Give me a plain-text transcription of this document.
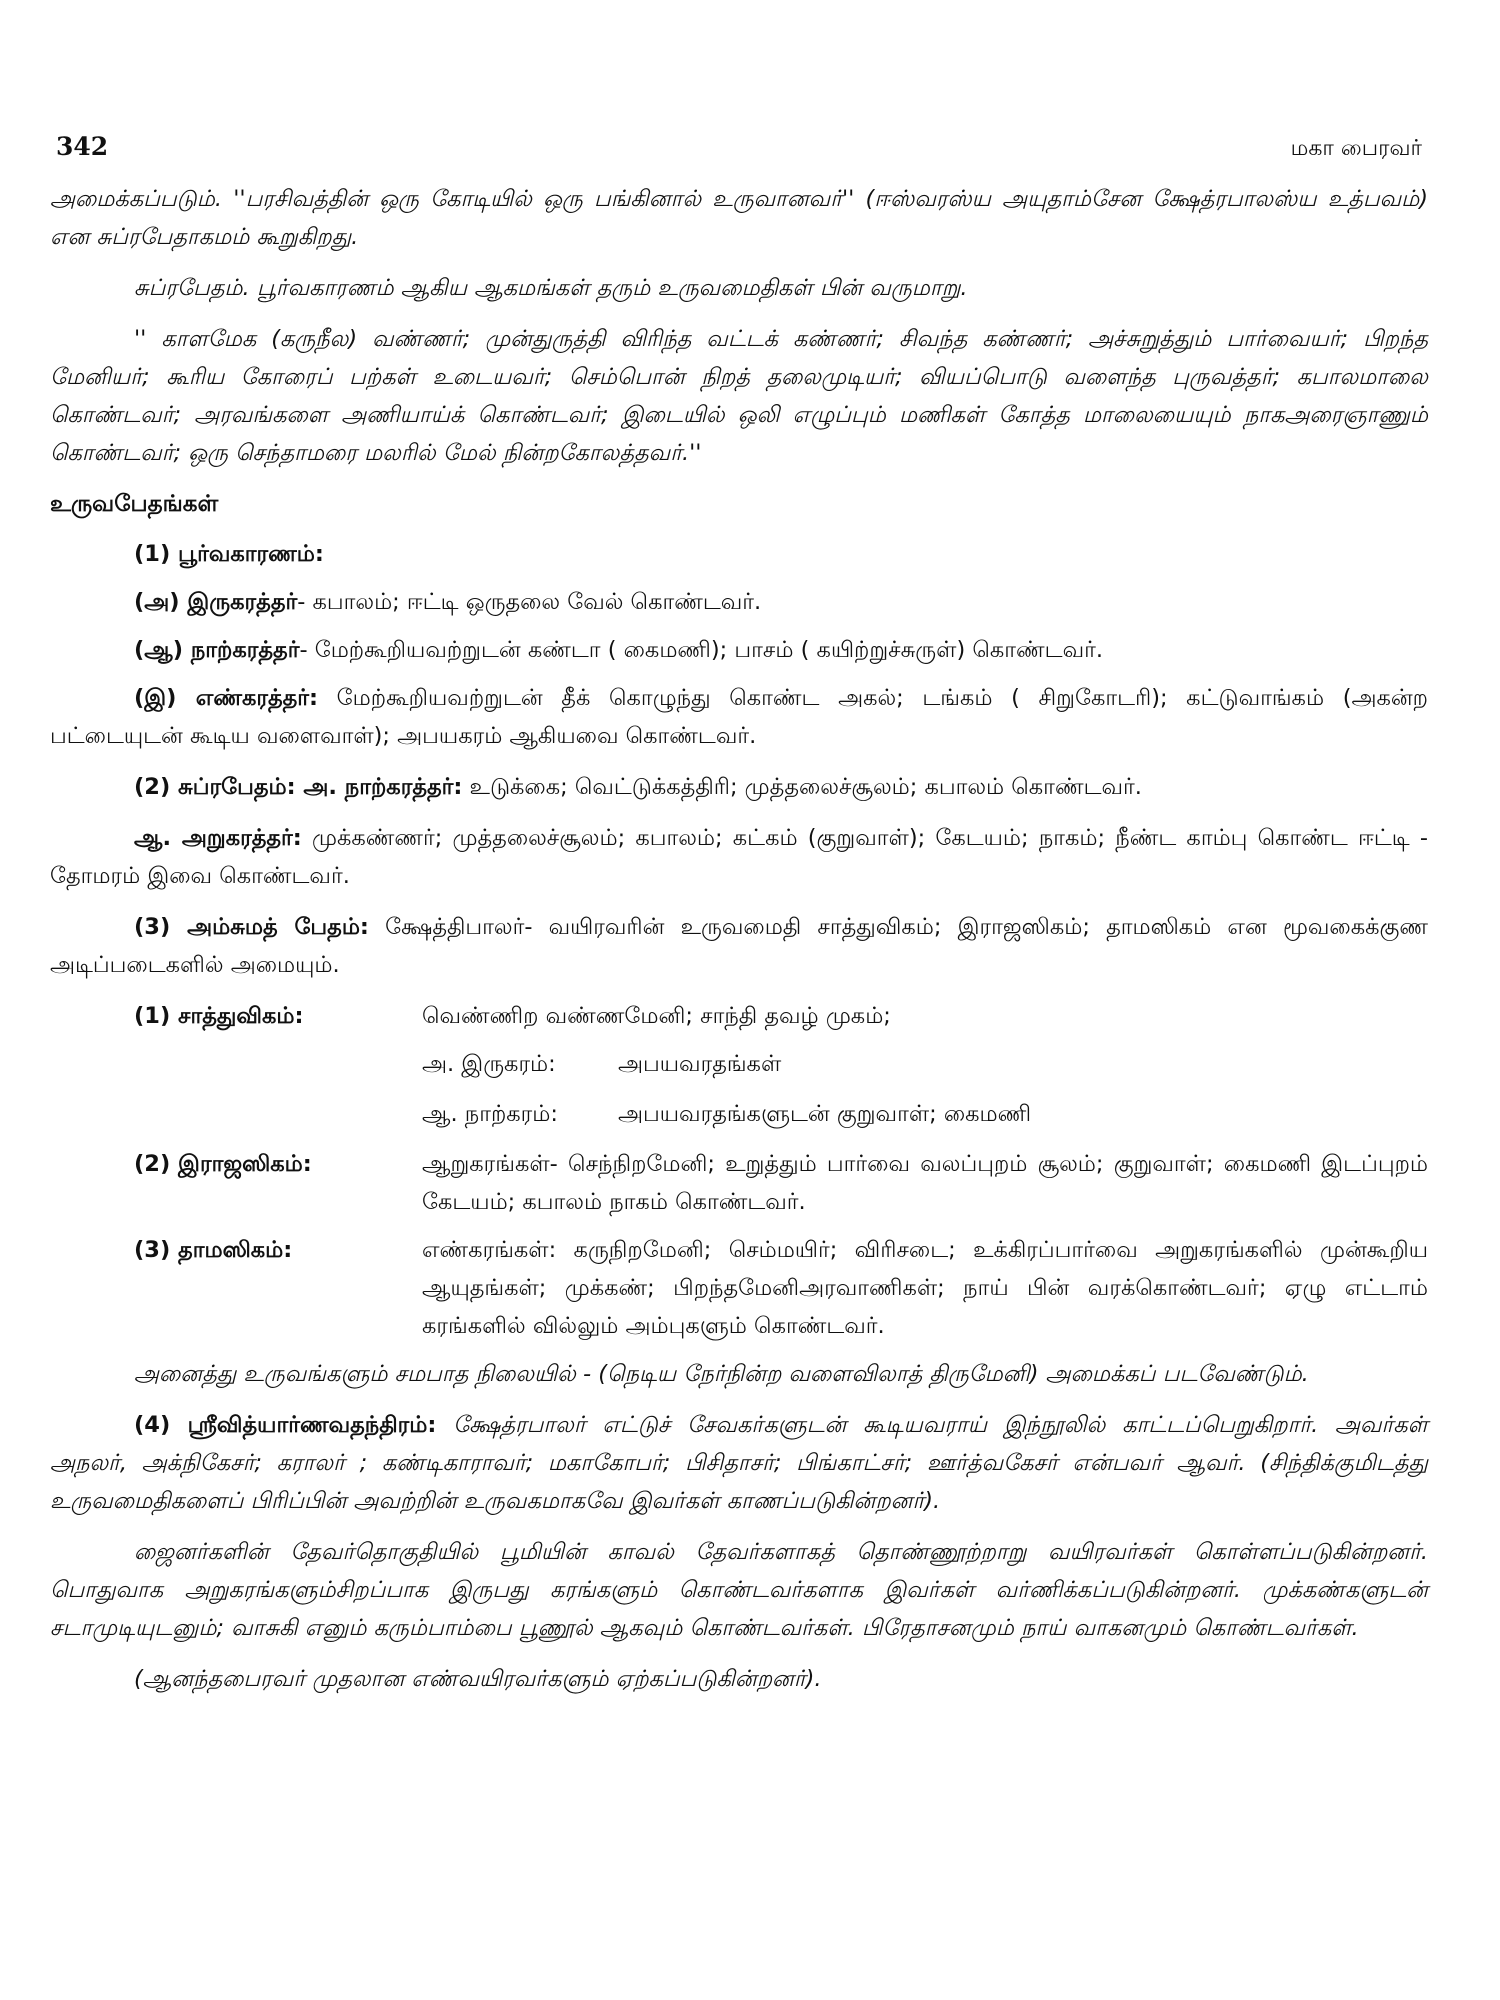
342	மகா பைரவர்

அமைக்கப்படும். ''பரசிவத்தின் ஒரு கோடியில் ஒரு பங்கினால் உருவானவர்'' (ஈஸ்வரஸ்ய அயுதாம்சேன க்ஷேத்ரபாலஸ்ய உத்பவம்) என சுப்ரபேதாகமம் கூறுகிறது.

சுப்ரபேதம். பூர்வகாரணம் ஆகிய ஆகமங்கள் தரும் உருவமைதிகள் பின் வருமாறு.

'' காளமேக (கருநீல) வண்ணர்; முன்துருத்தி விரிந்த வட்டக் கண்ணர்; சிவந்த கண்ணர்; அச்சுறுத்தும் பார்வையர்; பிறந்த மேனியர்; கூரிய கோரைப் பற்கள் உடையவர்; செம்பொன் நிறத் தலைமுடியர்; வியப்பொடு வளைந்த புருவத்தர்; கபாலமாலை கொண்டவர்; அரவங்களை அணியாய்க் கொண்டவர்; இடையில் ஒலி எழுப்பும் மணிகள் கோத்த மாலையையும் நாகஅரைஞாணும் கொண்டவர்; ஒரு செந்தாமரை மலரில் மேல் நின்றகோலத்தவர்.''

உருவபேதங்கள்

(1) பூர்வகாரணம்:

(அ) இருகரத்தர்- கபாலம்; ஈட்டி ஒருதலை வேல் கொண்டவர்.

(ஆ) நாற்கரத்தர்- மேற்கூறியவற்றுடன் கண்டா ( கைமணி); பாசம் ( கயிற்றுச்சுருள்) கொண்டவர்.

(இ) எண்கரத்தர்: மேற்கூறியவற்றுடன் தீக் கொழுந்து கொண்ட அகல்; டங்கம் ( சிறுகோடரி); கட்டுவாங்கம் (அகன்ற பட்டையுடன் கூடிய வளைவாள்); அபயகரம் ஆகியவை கொண்டவர்.

(2) சுப்ரபேதம்: அ. நாற்கரத்தர்: உடுக்கை; வெட்டுக்கத்திரி; முத்தலைச்சூலம்; கபாலம் கொண்டவர்.

ஆ. அறுகரத்தர்: முக்கண்ணர்; முத்தலைச்சூலம்; கபாலம்; கட்கம் (குறுவாள்); கேடயம்; நாகம்; நீண்ட காம்பு கொண்ட ஈட்டி - தோமரம் இவை கொண்டவர்.

(3) அம்சுமத் பேதம்: க்ஷேத்திபாலர்- வயிரவரின் உருவமைதி சாத்துவிகம்; இராஜஸிகம்; தாமஸிகம் என மூவகைக்குண அடிப்படைகளில் அமையும்.

(1) சாத்துவிகம்:	வெண்ணிற வண்ணமேனி; சாந்தி தவழ் முகம்;
அ. இருகரம்:	அபயவரதங்கள்
ஆ. நாற்கரம்:	அபயவரதங்களுடன் குறுவாள்; கைமணி
(2) இராஜஸிகம்:	ஆறுகரங்கள்- செந்நிறமேனி; உறுத்தும் பார்வை வலப்புறம் சூலம்; குறுவாள்; கைமணி இடப்புறம் கேடயம்; கபாலம் நாகம் கொண்டவர்.
(3) தாமஸிகம்:	எண்கரங்கள்: கருநிறமேனி; செம்மயிர்; விரிசடை; உக்கிரப்பார்வை அறுகரங்களில் முன்கூறிய ஆயுதங்கள்; முக்கண்; பிறந்தமேனிஅரவாணிகள்; நாய் பின் வரக்கொண்டவர்; ஏழு எட்டாம் கரங்களில் வில்லும் அம்புகளும் கொண்டவர்.

அனைத்து உருவங்களும் சமபாத நிலையில் - (நெடிய நேர்நின்ற வளைவிலாத் திருமேனி) அமைக்கப் படவேண்டும்.

(4) ஸ்ரீவித்யார்ணவதந்திரம்: க்ஷேத்ரபாலர் எட்டுச் சேவகர்களுடன் கூடியவராய் இந்நூலில் காட்டப்பெறுகிறார். அவர்கள் அநலர், அக்நிகேசர்; கராலர் ; கண்டிகாராவர்; மகாகோபர்; பிசிதாசர்; பிங்காட்சர்; ஊர்த்வகேசர் என்பவர் ஆவர். (சிந்திக்குமிடத்து உருவமைதிகளைப் பிரிப்பின் அவற்றின் உருவகமாகவே இவர்கள் காணப்படுகின்றனர்).

ஜைனர்களின் தேவர்தொகுதியில் பூமியின் காவல் தேவர்களாகத் தொண்ணூற்றாறு வயிரவர்கள் கொள்ளப்படுகின்றனர். பொதுவாக அறுகரங்களும்சிறப்பாக இருபது கரங்களும் கொண்டவர்களாக இவர்கள் வர்ணிக்கப்படுகின்றனர். முக்கண்களுடன் சடாமுடியுடனும்; வாசுகி எனும் கரும்பாம்பை பூணூல் ஆகவும் கொண்டவர்கள். பிரேதாசனமும் நாய் வாகனமும் கொண்டவர்கள்.

(ஆனந்தபைரவர் முதலான எண்வயிரவர்களும் ஏற்கப்படுகின்றனர்).
